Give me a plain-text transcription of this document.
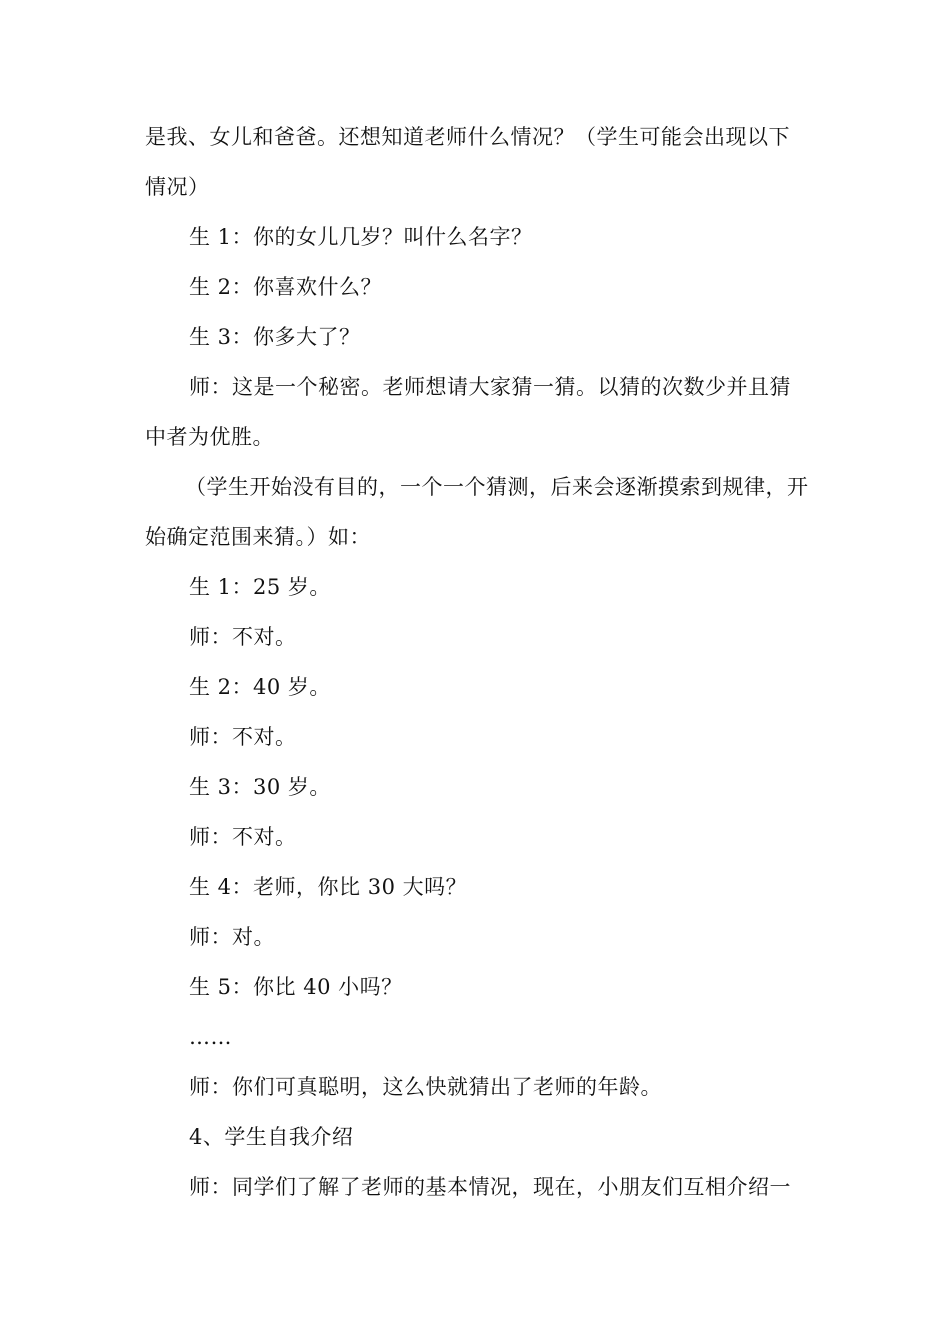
是我、女儿和爸爸。还想知道老师什么情况？（学生可能会出现以下情况）

生 1：你的女儿几岁？叫什么名字？

生 2：你喜欢什么？

生 3：你多大了？

师：这是一个秘密。老师想请大家猜一猜。以猜的次数少并且猜中者为优胜。

（学生开始没有目的，一个一个猜测，后来会逐渐摸索到规律，开始确定范围来猜。）如：

生 1：25 岁。

师：不对。

生 2：40 岁。

师：不对。

生 3：30 岁。

师：不对。

生 4：老师，你比 30 大吗？

师：对。

生 5：你比 40 小吗？

……

师：你们可真聪明，这么快就猜出了老师的年龄。

4、学生自我介绍

师：同学们了解了老师的基本情况，现在，小朋友们互相介绍一
